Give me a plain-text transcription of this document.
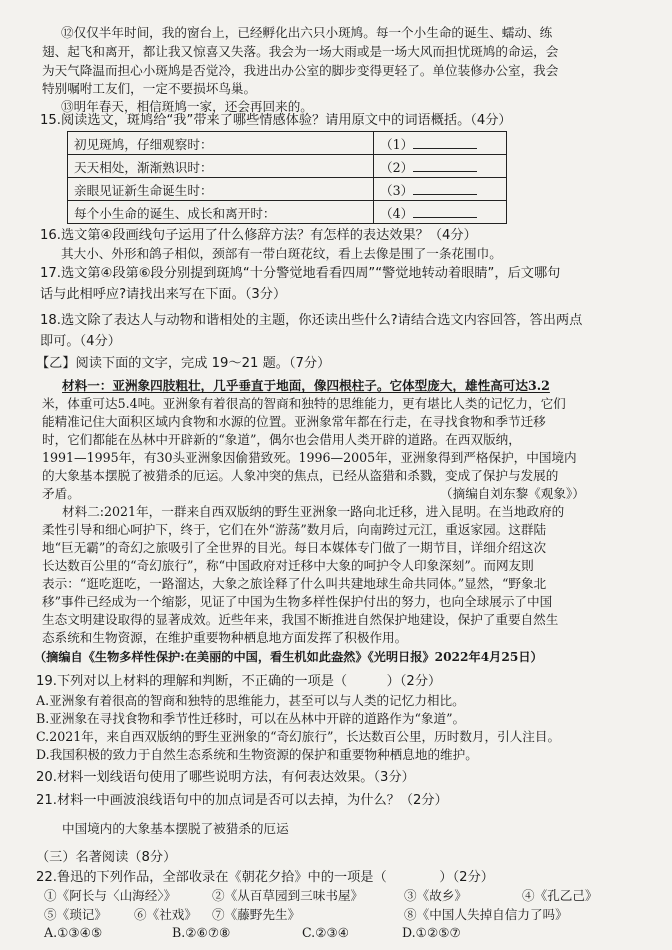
⑫仅仅半年时间，我的窗台上，已经孵化出六只小斑鸠。每一个小生命的诞生、蠕动、练
翅、起飞和离开，都让我又惊喜又失落。我会为一场大雨或是一场大风而担忧斑鸠的命运，会
为天气降温而担心小斑鸠是否觉冷，我进出办公室的脚步变得更轻了。单位装修办公室，我会
特别嘱咐工友们，一定不要损坏鸟巢。
⑬明年春天，相信斑鸠一家，还会再回来的。
15.阅读选文，斑鸠给“我”带来了哪些情感体验？请用原文中的词语概括。（4分）
初见斑鸠，仔细观察时：	（1）
天天相处，渐渐熟识时：	（2）
亲眼见证新生命诞生时：	（3）
每个小生命的诞生、成长和离开时：	（4）
16.选文第④段画线句子运用了什么修辞方法？有怎样的表达效果？（4分）
其大小、外形和鸽子相似，颈部有一带白斑花纹，看上去像是围了一条花围巾。
17.选文第④段第⑥段分别提到斑鸠“十分警觉地看看四周”“警觉地转动着眼睛”，后文哪句
话与此相呼应?请找出来写在下面。（3分）
18.选文除了表达人与动物和谐相处的主题，你还读出些什么?请结合选文内容回答，答出两点
即可。（4分）
【乙】阅读下面的文字，完成 19～21 题。（7分）
材料一：亚洲象四肢粗壮，几乎垂直于地面，像四根柱子。它体型庞大，雄性高可达3.2
米，体重可达5.4吨。亚洲象有着很高的智商和独特的思维能力，更有堪比人类的记忆力，它们
能精准记住大面积区域内食物和水源的位置。亚洲象常年都在行走，在寻找食物和季节迁移
时，它们都能在丛林中开辟新的“象道”，偶尔也会借用人类开辟的道路。在西双版纳，
1991—1995年，有30头亚洲象因偷猎致死。1996—2005年，亚洲象得到严格保护，中国境内
的大象基本摆脱了被猎杀的厄运。人象冲突的焦点，已经从盗猎和杀戮，变成了保护与发展的
矛盾。	（摘编自刘东黎《观象》）
材料二:2021年，一群来自西双版纳的野生亚洲象一路向北迁移，进入昆明。在当地政府的
柔性引导和细心呵护下，终于，它们在外“游荡”数月后，向南跨过元江，重返家园。这群陆
地“巨无霸”的奇幻之旅吸引了全世界的目光。每日本媒体专门做了一期节目，详细介绍这次
长达数百公里的“奇幻旅行”，称“中国政府对迁移中大象的呵护令人印象深刻”。而网友則
表示：“逛吃逛吃，一路溜达，大象之旅诠释了什么叫共建地球生命共同体。”显然，“野象北
移”事件已经成为一个缩影，见证了中国为生物多样性保护付出的努力，也向全球展示了中国
生态文明建设取得的显著成效。近些年来，我国不断推进自然保护地建设，保护了重要自然生
态系统和生物资源，在维护重要物种栖息地方面发挥了积极作用。
（摘编自《生物多样性保护:在美丽的中国，看生机如此盎然》《光明日报》2022年4月25日）
19.下列对以上材料的理解和判断，不正确的一项是（　　　）（2分）
A.亚洲象有着很高的智商和独特的思维能力，甚至可以与人类的记忆力相比。
B.亚洲象在寻找食物和季节性迁移时，可以在丛林中开辟的道路作为“象道”。
C.2021年，来自西双版纳的野生亚洲象的“奇幻旅行”，长达数百公里，历时数月，引人注目。
D.我国积极的致力于自然生态系统和生物资源的保护和重要物种栖息地的维护。
20.材料一划线语句使用了哪些说明方法，有何表达效果。（3分）
21.材料一中画波浪线语句中的加点词是否可以去掉，为什么？（2分）
中国境内的大象基本摆脱了被猎杀的厄运
（三）名著阅读（8分）
22.鲁迅的下列作品，全部收录在《朝花夕拾》中的一项是（　　　　）（2分）
①《阿长与〈山海经〉》	②《从百草园到三味书屋》	③《故乡》	④《孔乙己》
⑤《琐记》 ⑥《社戏》 ⑦《藤野先生》	⑧《中国人失掉自信力了吗》
A.①③④⑤	B.②⑥⑦⑧	C.②③④	D.①②⑤⑦
